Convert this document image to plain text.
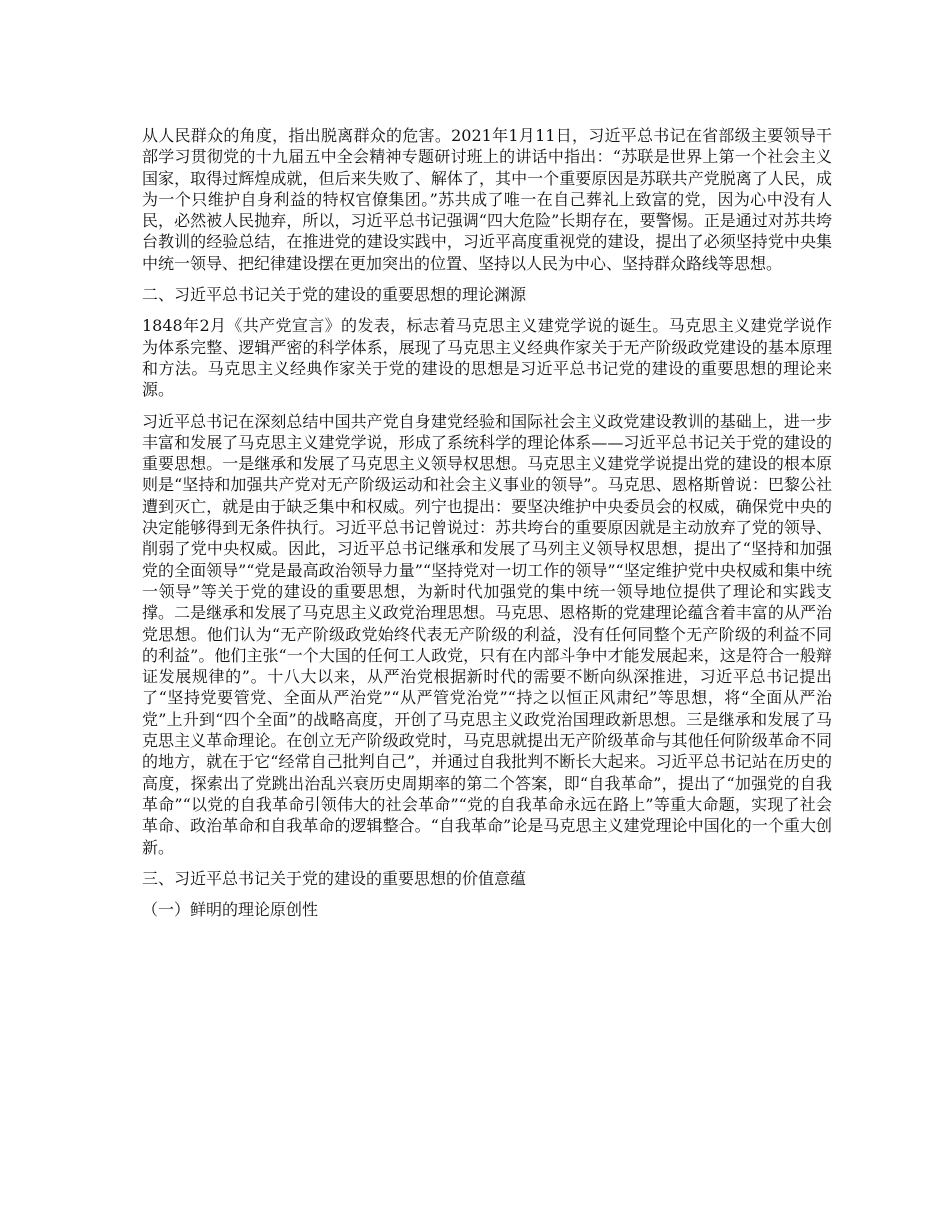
从人民群众的角度，指出脱离群众的危害。2021年1月11日，习近平总书记在省部级主要领导干部学习贯彻党的十九届五中全会精神专题研讨班上的讲话中指出：“苏联是世界上第一个社会主义国家，取得过辉煌成就，但后来失败了、解体了，其中一个重要原因是苏联共产党脱离了人民，成为一个只维护自身利益的特权官僚集团。”苏共成了唯一在自己葬礼上致富的党，因为心中没有人民，必然被人民抛弃，所以，习近平总书记强调“四大危险”长期存在，要警惕。正是通过对苏共垮台教训的经验总结，在推进党的建设实践中，习近平高度重视党的建设，提出了必须坚持党中央集中统一领导、把纪律建设摆在更加突出的位置、坚持以人民为中心、坚持群众路线等思想。

二、习近平总书记关于党的建设的重要思想的理论渊源

1848年2月《共产党宣言》的发表，标志着马克思主义建党学说的诞生。马克思主义建党学说作为体系完整、逻辑严密的科学体系，展现了马克思主义经典作家关于无产阶级政党建设的基本原理和方法。马克思主义经典作家关于党的建设的思想是习近平总书记党的建设的重要思想的理论来源。

习近平总书记在深刻总结中国共产党自身建党经验和国际社会主义政党建设教训的基础上，进一步丰富和发展了马克思主义建党学说，形成了系统科学的理论体系——习近平总书记关于党的建设的重要思想。一是继承和发展了马克思主义领导权思想。马克思主义建党学说提出党的建设的根本原则是“坚持和加强共产党对无产阶级运动和社会主义事业的领导”。马克思、恩格斯曾说：巴黎公社遭到灭亡，就是由于缺乏集中和权威。列宁也提出：要坚决维护中央委员会的权威，确保党中央的决定能够得到无条件执行。习近平总书记曾说过：苏共垮台的重要原因就是主动放弃了党的领导、削弱了党中央权威。因此，习近平总书记继承和发展了马列主义领导权思想，提出了“坚持和加强党的全面领导”“党是最高政治领导力量”“坚持党对一切工作的领导”“坚定维护党中央权威和集中统一领导”等关于党的建设的重要思想，为新时代加强党的集中统一领导地位提供了理论和实践支撑。二是继承和发展了马克思主义政党治理思想。马克思、恩格斯的党建理论蕴含着丰富的从严治党思想。他们认为“无产阶级政党始终代表无产阶级的利益，没有任何同整个无产阶级的利益不同的利益”。他们主张“一个大国的任何工人政党，只有在内部斗争中才能发展起来，这是符合一般辩证发展规律的”。十八大以来，从严治党根据新时代的需要不断向纵深推进，习近平总书记提出了“坚持党要管党、全面从严治党”“从严管党治党”“持之以恒正风肃纪”等思想，将“全面从严治党”上升到“四个全面”的战略高度，开创了马克思主义政党治国理政新思想。三是继承和发展了马克思主义革命理论。在创立无产阶级政党时，马克思就提出无产阶级革命与其他任何阶级革命不同的地方，就在于它“经常自己批判自己”，并通过自我批判不断长大起来。习近平总书记站在历史的高度，探索出了党跳出治乱兴衰历史周期率的第二个答案，即“自我革命”，提出了“加强党的自我革命”“以党的自我革命引领伟大的社会革命”“党的自我革命永远在路上”等重大命题，实现了社会革命、政治革命和自我革命的逻辑整合。“自我革命”论是马克思主义建党理论中国化的一个重大创新。

三、习近平总书记关于党的建设的重要思想的价值意蕴

（一）鲜明的理论原创性
